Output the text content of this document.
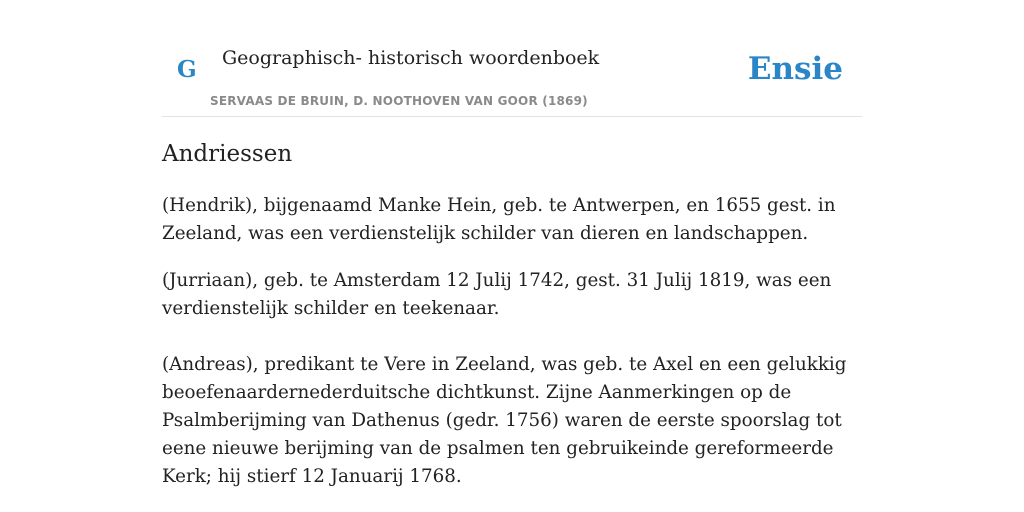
G Geographisch- historisch woordenboek
SERVAAS DE BRUIN, D. NOOTHOVEN VAN GOOR (1869)
Ensie
Andriessen

(Hendrik), bijgenaamd Manke Hein, geb. te Antwerpen, en 1655 gest. in Zeeland, was een verdienstelijk schilder van dieren en landschappen.

(Jurriaan), geb. te Amsterdam 12 Julij 1742, gest. 31 Julij 1819, was een verdienstelijk schilder en teekenaar.

(Andreas), predikant te Vere in Zeeland, was geb. te Axel en een gelukkig beoefenaardernederduitsche dichtkunst. Zijne Aanmerkingen op de Psalmberijming van Dathenus (gedr. 1756) waren de eerste spoorslag tot eene nieuwe berijming van de psalmen ten gebruikeinde gereformeerde Kerk; hij stierf 12 Januarij 1768.
